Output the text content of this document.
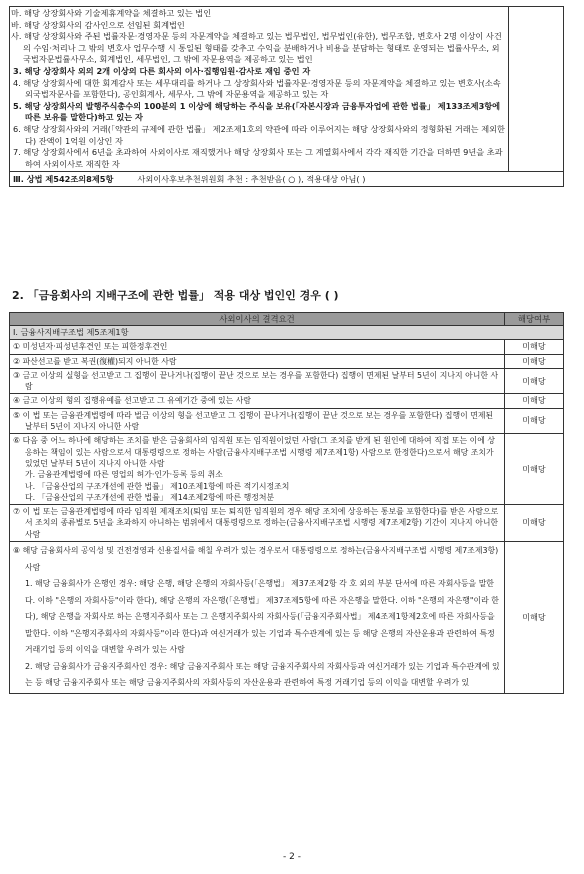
마. 해당 상장회사와 기술제휴계약을 체결하고 있는 법인
바. 해당 상장회사의 감사인으로 선임된 회계법인
사. 해당 상장회사와 주된 법률자문·경영자문 등의 자문계약을 체결하고 있는 법무법인, 법무법인(유한), 법무조합, 변호사 2명 이상이 사건의 수임·처리나 그 밖의 변호사 업무수행 시 통일된 형태를 갖추고 수익을 분배하거나 비용을 분담하는 형태로 운영되는 법률사무소, 외국법자문법률사무소, 회계법인, 세무법인, 그 밖에 자문용역을 제공하고 있는 법인
3. 해당 상장회사 외의 2개 이상의 다른 회사의 이사·집행임원·감사로 재임 중인 자
4. 해당 상장회사에 대한 회계감사 또는 세무대리를 하거나 그 상장회사와 법률자문·경영자문 등의 자문계약을 체결하고 있는 변호사(소속 외국법자문사를 포함한다), 공인회계사, 세무사, 그 밖에 자문용역을 제공하고 있는 자
5. 해당 상장회사의 발행주식총수의 100분의 1 이상에 해당하는 주식을 보유(「자본시장과 금융투자업에 관한 법률」 제133조제3항에 따른 보유를 말한다)하고 있는 자
6. 해당 상장회사와의 거래(「약관의 규제에 관한 법률」 제2조제1호의 약관에 따라 이루어지는 해당 상장회사와의 정형화된 거래는 제외한다) 잔액이 1억원 이상인 자
7. 해당 상장회사에서 6년을 초과하여 사외이사로 재직했거나 해당 상장회사 또는 그 계열회사에서 각각 재직한 기간을 더하면 9년을 초과하여 사외이사로 재직한 자

Ⅲ. 상법 제542조의8제5항	사외이사후보추천위원회 추천 : 추천받음( ○ ), 적용대상 아님( )
2. 「금융회사의 지배구조에 관한 법률」 적용 대상 법인인 경우 ( )
사외이사의 결격요건	해당여부
Ⅰ. 금융사지배구조법 제5조제1항	

① 미성년자·피성년후견인 또는 피한정후견인	미해당

② 파산선고를 받고 복권(復權)되지 아니한 사람	미해당

③ 금고 이상의 실형을 선고받고 그 집행이 끝나거나(집행이 끝난 것으로 보는 경우를 포함한다) 집행이 면제된 날부터 5년이 지나지 아니한 사람	미해당

④ 금고 이상의 형의 집행유예를 선고받고 그 유예기간 중에 있는 사람	미해당

⑤ 이 법 또는 금융관계법령에 따라 벌금 이상의 형을 선고받고 그 집행이 끝나거나(집행이 끝난 것으로 보는 경우를 포함한다) 집행이 면제된 날부터 5년이 지나지 아니한 사람	미해당

⑥ 다음 중 어느 하나에 해당하는 조치를 받은 금융회사의 임직원 또는 임직원이었던 사람(그 조치를 받게 된 원인에 대하여 직접 또는 이에 상응하는 책임이 있는 사람으로서 대통령령으로 정하는 사람(금융사지배구조법 시행령 제7조제1항) 사람으로 한정한다)으로서 해당 조치가 있었던 날부터 5년이 지나지 아니한 사람
가. 금융관계법령에 따른 영업의 허가·인가·등록 등의 취소
나. 「금융산업의 구조개선에 관한 법률」 제10조제1항에 따른 적기시정조치
다. 「금융산업의 구조개선에 관한 법률」 제14조제2항에 따른 행정처분	미해당

⑦ 이 법 또는 금융관계법령에 따라 임직원 제재조치(퇴임 또는 퇴직한 임직원의 경우 해당 조치에 상응하는 통보를 포함한다)를 받은 사람으로서 조치의 종류별로 5년을 초과하지 아니하는 범위에서 대통령령으로 정하는(금융사지배구조법 시행령 제7조제2항) 기간이 지나지 아니한 사람	미해당

⑧ 해당 금융회사의 공익성 및 건전경영과 신용질서를 해칠 우려가 있는 경우로서 대통령령으로 정하는(금융사지배구조법 시행령 제7조제3항) 사람
1. 해당 금융회사가 은행인 경우: 해당 은행, 해당 은행의 자회사등(「은행법」 제37조제2항 각 호 외의 부분 단서에 따른 자회사등을 말한다. 이하 "은행의 자회사등"이라 한다), 해당 은행의 자은행(「은행법」 제37조제5항에 따른 자은행을 말한다. 이하 "은행의 자은행"이라 한다), 해당 은행을 자회사로 하는 은행지주회사 또는 그 은행지주회사의 자회사등(「금융지주회사법」 제4조제1항제2호에 따른 자회사등을 말한다. 이하 "은행지주회사의 자회사등"이라 한다)과 여신거래가 있는 기업과 특수관계에 있는 등 해당 은행의 자산운용과 관련하여 특정 거래기업 등의 이익을 대변할 우려가 있는 사람
2. 해당 금융회사가 금융지주회사인 경우: 해당 금융지주회사 또는 해당 금융지주회사의 자회사등과 여신거래가 있는 기업과 특수관계에 있는 등 해당 금융지주회사 또는 해당 금융지주회사의 자회사등의 자산운용과 관련하여 특정 거래기업 등의 이익을 대변할 우려가 있	미해당
- 2 -
